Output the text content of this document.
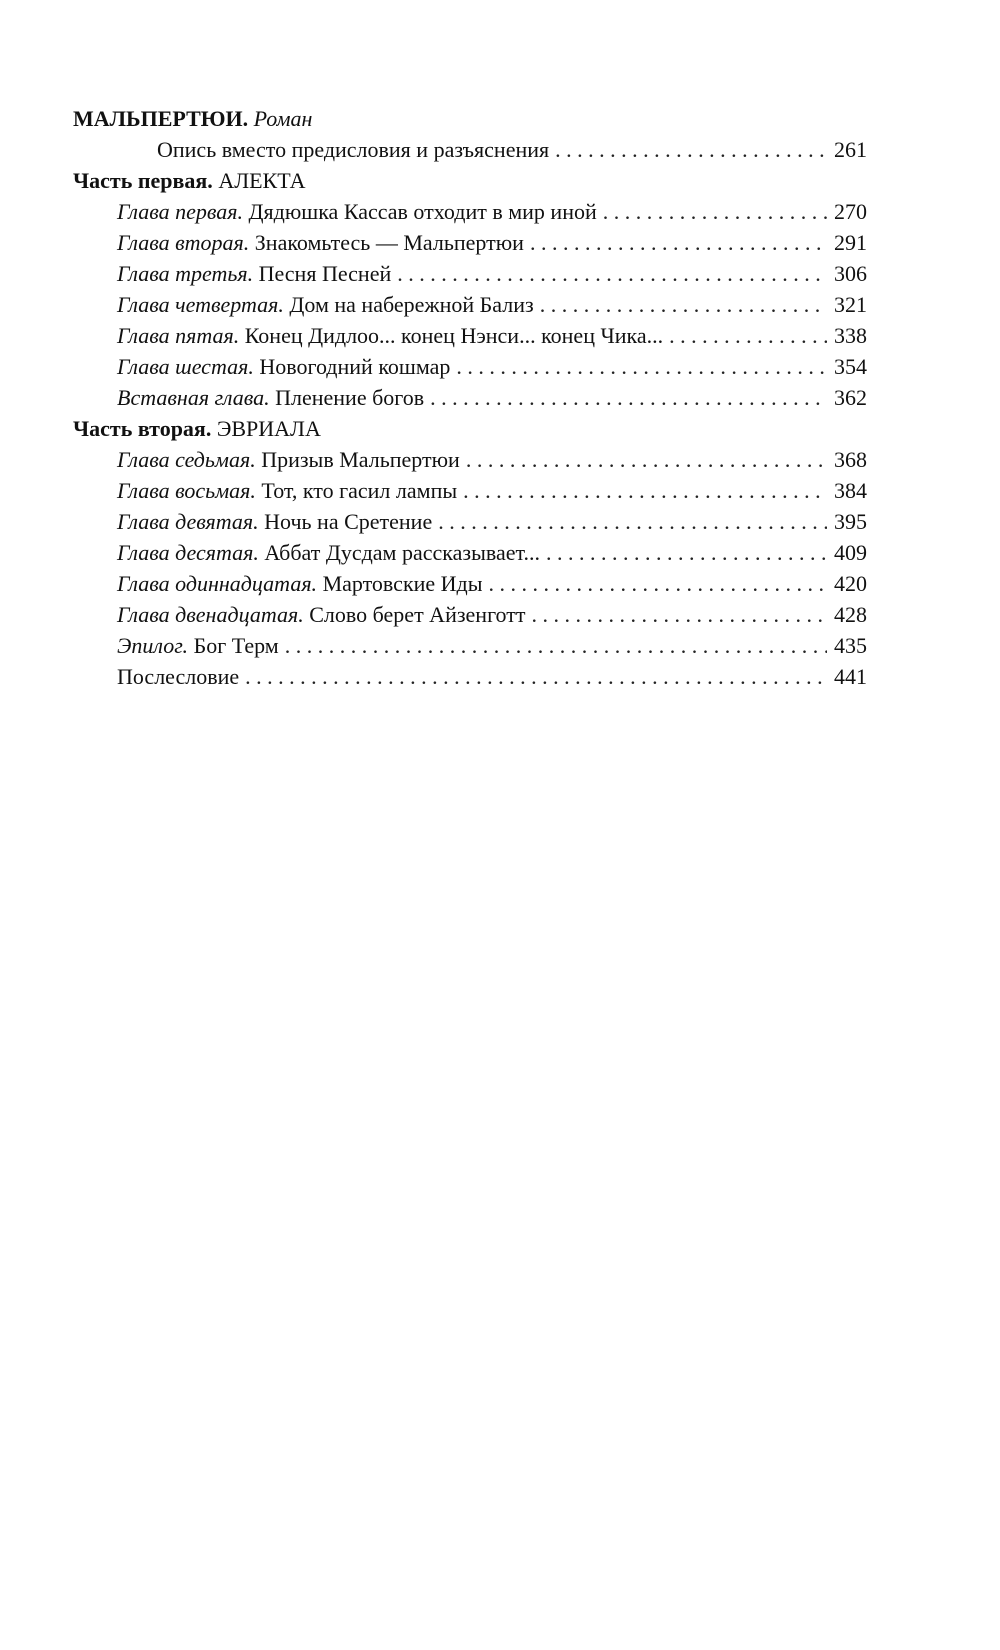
МАЛЬПЕРТЮИ. Роман
Опись вместо предисловия и разъяснения . . .	261
Часть первая. АЛЕКТА
Глава первая. Дядюшка Кассав отходит в мир иной . . .	270
Глава вторая. Знакомьтесь — Мальпертюи . . .	291
Глава третья. Песня Песней . . .	306
Глава четвертая. Дом на набережной Бализ . . .	321
Глава пятая. Конец Дидлоо... конец Нэнси... конец Чика... . . .	338
Глава шестая. Новогодний кошмар . . .	354
Вставная глава. Пленение богов . . .	362
Часть вторая. ЭВРИАЛА
Глава седьмая. Призыв Мальпертюи . . .	368
Глава восьмая. Тот, кто гасил лампы . . .	384
Глава девятая. Ночь на Сретение . . .	395
Глава десятая. Аббат Дусдам рассказывает... . . .	409
Глава одиннадцатая. Мартовские Иды . . .	420
Глава двенадцатая. Слово берет Айзенготт . . .	428
Эпилог. Бог Терм . . .	435
Послесловие . . .	441
